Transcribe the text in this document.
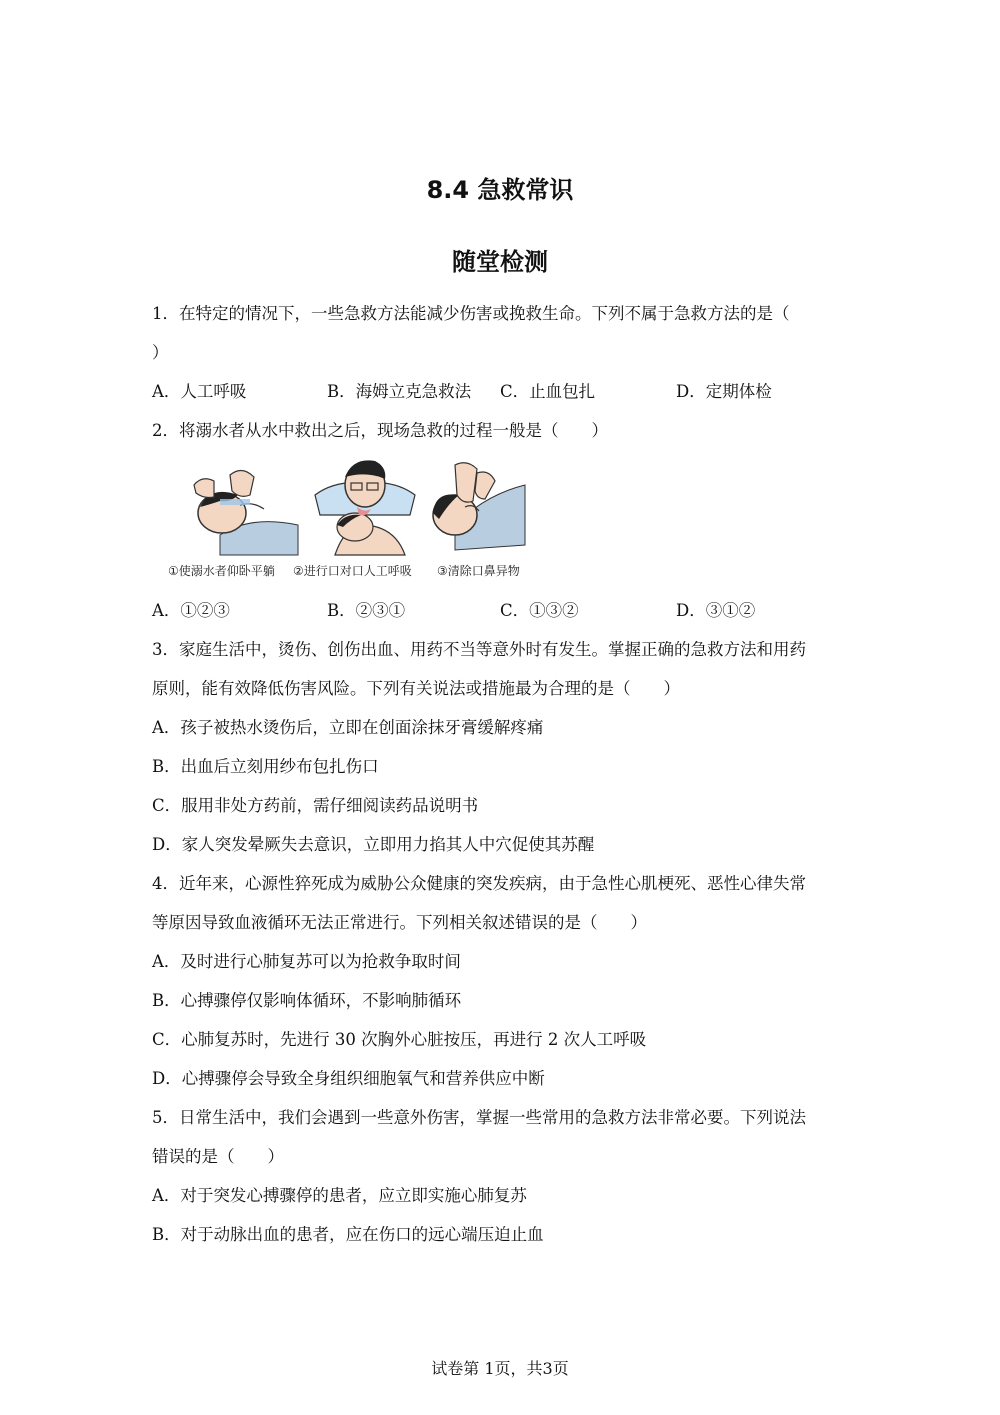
8.4 急救常识
随堂检测
1．在特定的情况下，一些急救方法能减少伤害或挽救生命。下列不属于急救方法的是（
）
A．人工呼吸	B．海姆立克急救法 C．止血包扎	D．定期体检
2．将溺水者从水中救出之后，现场急救的过程一般是（　　）
①使溺水者仰卧平躺 ②进行口对口人工呼吸 ③清除口鼻异物
A．①②③	B．②③①	C．①③②	D．③①②
3．家庭生活中，烫伤、创伤出血、用药不当等意外时有发生。掌握正确的急救方法和用药
原则，能有效降低伤害风险。下列有关说法或措施最为合理的是（　　）
A．孩子被热水烫伤后，立即在创面涂抹牙膏缓解疼痛
B．出血后立刻用纱布包扎伤口
C．服用非处方药前，需仔细阅读药品说明书
D．家人突发晕厥失去意识，立即用力掐其人中穴促使其苏醒
4．近年来，心源性猝死成为威胁公众健康的突发疾病，由于急性心肌梗死、恶性心律失常
等原因导致血液循环无法正常进行。下列相关叙述错误的是（　　）
A．及时进行心肺复苏可以为抢救争取时间
B．心搏骤停仅影响体循环，不影响肺循环
C．心肺复苏时，先进行 30 次胸外心脏按压，再进行 2 次人工呼吸
D．心搏骤停会导致全身组织细胞氧气和营养供应中断
5．日常生活中，我们会遇到一些意外伤害，掌握一些常用的急救方法非常必要。下列说法
错误的是（　　）
A．对于突发心搏骤停的患者，应立即实施心肺复苏
B．对于动脉出血的患者，应在伤口的远心端压迫止血
试卷第 1页，共3页
